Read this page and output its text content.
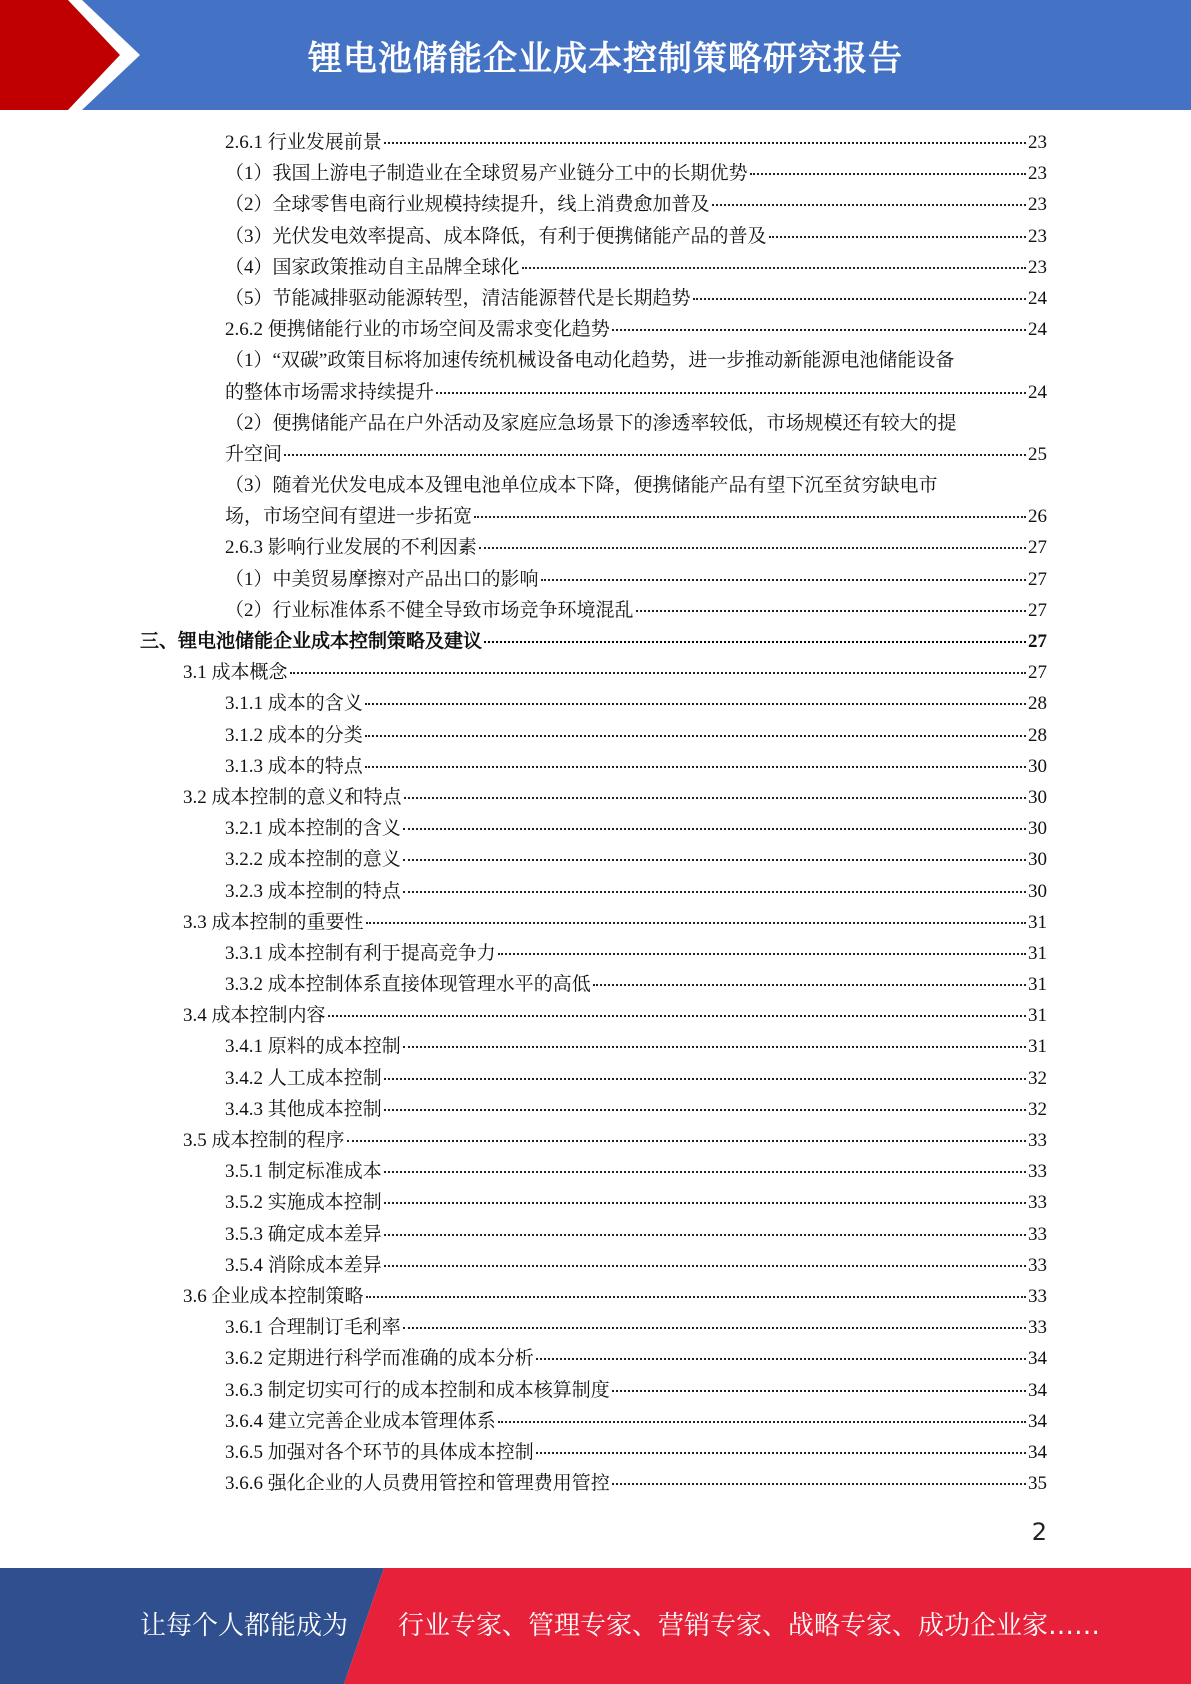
锂电池储能企业成本控制策略研究报告
2.6.1 行业发展前景	23
（1）我国上游电子制造业在全球贸易产业链分工中的长期优势	23
（2）全球零售电商行业规模持续提升，线上消费愈加普及	23
（3）光伏发电效率提高、成本降低，有利于便携储能产品的普及	23
（4）国家政策推动自主品牌全球化	23
（5）节能减排驱动能源转型，清洁能源替代是长期趋势	24
2.6.2 便携储能行业的市场空间及需求变化趋势	24
（1）“双碳”政策目标将加速传统机械设备电动化趋势，进一步推动新能源电池储能设备
的整体市场需求持续提升	24
（2）便携储能产品在户外活动及家庭应急场景下的渗透率较低，市场规模还有较大的提
升空间	25
（3）随着光伏发电成本及锂电池单位成本下降，便携储能产品有望下沉至贫穷缺电市
场，市场空间有望进一步拓宽	26
2.6.3 影响行业发展的不利因素	27
（1）中美贸易摩擦对产品出口的影响	27
（2）行业标准体系不健全导致市场竞争环境混乱	27
三、锂电池储能企业成本控制策略及建议	27
3.1 成本概念	27
3.1.1 成本的含义	28
3.1.2 成本的分类	28
3.1.3 成本的特点	30
3.2 成本控制的意义和特点	30
3.2.1 成本控制的含义	30
3.2.2 成本控制的意义	30
3.2.3 成本控制的特点	30
3.3 成本控制的重要性	31
3.3.1 成本控制有利于提高竞争力	31
3.3.2 成本控制体系直接体现管理水平的高低	31
3.4 成本控制内容	31
3.4.1 原料的成本控制	31
3.4.2 人工成本控制	32
3.4.3 其他成本控制	32
3.5 成本控制的程序	33
3.5.1 制定标准成本	33
3.5.2 实施成本控制	33
3.5.3 确定成本差异	33
3.5.4 消除成本差异	33
3.6 企业成本控制策略	33
3.6.1 合理制订毛利率	33
3.6.2 定期进行科学而准确的成本分析	34
3.6.3 制定切实可行的成本控制和成本核算制度	34
3.6.4 建立完善企业成本管理体系	34
3.6.5 加强对各个环节的具体成本控制	34
3.6.6 强化企业的人员费用管控和管理费用管控	35
2
让每个人都能成为 行业专家、管理专家、营销专家、战略专家、成功企业家……
